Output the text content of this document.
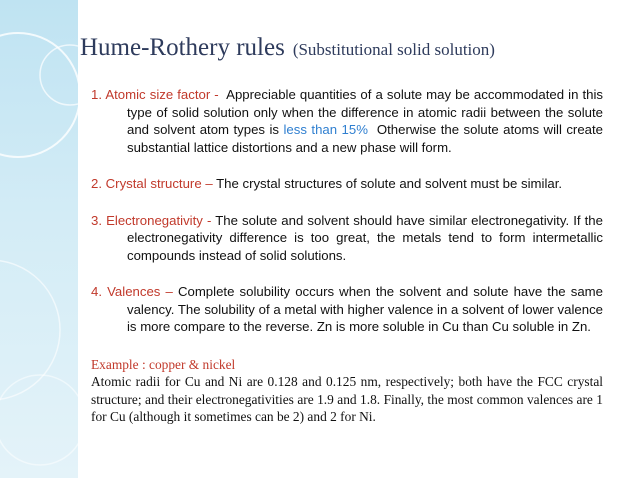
Hume-Rothery rules (Substitutional solid solution)
1. Atomic size factor - Appreciable quantities of a solute may be accommodated in this type of solid solution only when the difference in atomic radii between the solute and solvent atom types is less than 15% Otherwise the solute atoms will create substantial lattice distortions and a new phase will form.
2. Crystal structure – The crystal structures of solute and solvent must be similar.
3. Electronegativity - The solute and solvent should have similar electronegativity. If the electronegativity difference is too great, the metals tend to form intermetallic compounds instead of solid solutions.
4. Valences – Complete solubility occurs when the solvent and solute have the same valency. The solubility of a metal with higher valence in a solvent of lower valence is more compare to the reverse. Zn is more soluble in Cu than Cu soluble in Zn.
Example : copper & nickel
Atomic radii for Cu and Ni are 0.128 and 0.125 nm, respectively; both have the FCC crystal structure; and their electronegativities are 1.9 and 1.8. Finally, the most common valences are 1 for Cu (although it sometimes can be 2) and 2 for Ni.
